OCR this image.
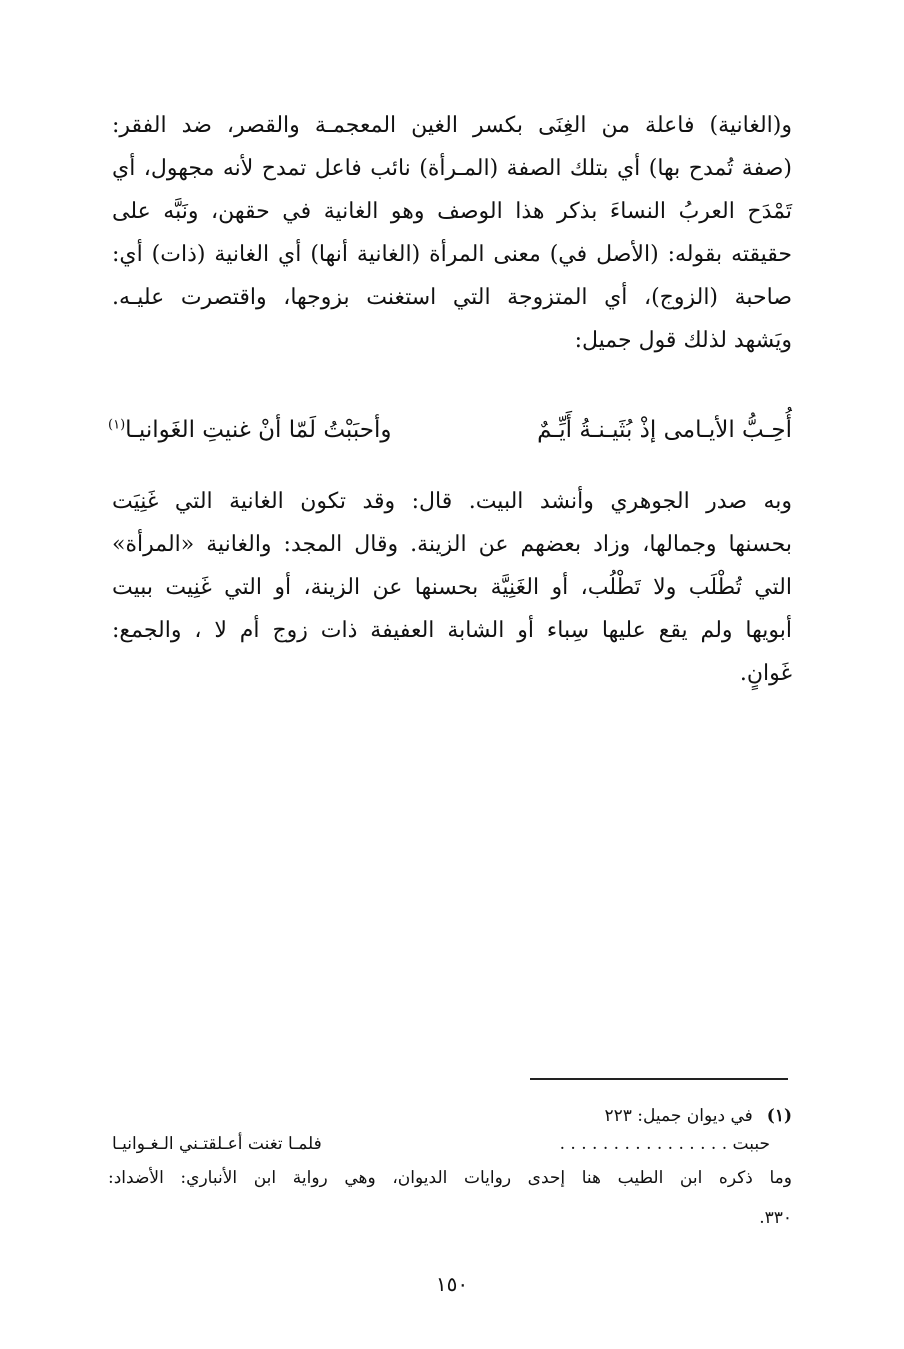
و(الغانية) فاعلة من الغِنَى بكسر الغين المعجمـة والقصر، ضد الفقر:
(صفة تُمدح بها) أي بتلك الصفة (المـرأة) نائب فاعل تمدح لأنه مجهول، أي
تَمْدَح العربُ النساءَ بذكر هذا الوصف وهو الغانية في حقهن، ونَبَّه على
حقيقته بقوله: (الأصل في) معنى المرأة (الغانية أنها) أي الغانية (ذات) أي:
صاحبة (الزوج)، أي المتزوجة التي استغنت بزوجها، واقتصرت عليـه.
ويَشهد لذلك قول جميل:
أُحِـبُّ الأيـامى إذْ بُثَيـنـةُ أَيِّـمٌ
وأحبَبْتُ لَمّا أنْ غنيتِ الغَوانيـا$^{(١)}$
وبه صدر الجوهري وأنشد البيت. قال: وقد تكون الغانية التي غَنِيَت
بحسنها وجمالها، وزاد بعضهم عن الزينة. وقال المجد: والغانية «المرأة»
التي تُطْلَب ولا تَطْلُب، أو الغَنِيَّة بحسنها عن الزينة، أو التي غَنِيت ببيت
أبويها ولم يقع عليها سِباء أو الشابة العفيفة ذات زوج أم لا ، والجمع:
غَوانٍ.
(١)في ديوان جميل: ٢٢٣
حببت . . . . . . . . . . . . . . . .
فلمـا تغنت أعـلقتـني الـغـوانيـا
وما ذكره ابن الطيب هنا إحدى روايات الديوان، وهي رواية ابن الأنباري: الأضداد:
٣٣٠.
١٥٠
